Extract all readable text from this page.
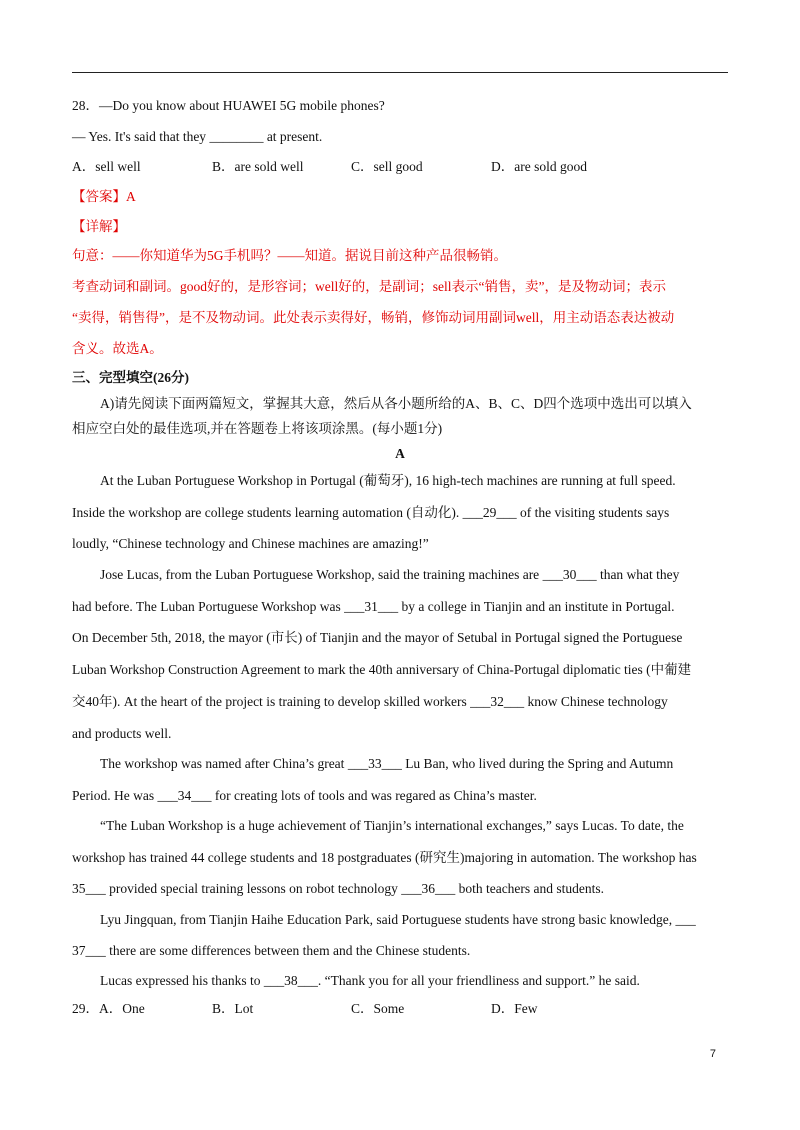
28．—Do you know about HUAWEI 5G mobile phones?
— Yes. It's said that they ________ at present.
A．sell well	B．are sold well	C．sell good	D．are sold good
【答案】A
【详解】
句意：——你知道华为5G手机吗？——知道。据说目前这种产品很畅销。
考查动词和副词。good好的，是形容词；well好的，是副词；sell表示“销售，卖”，是及物动词；表示
“卖得，销售得”，是不及物动词。此处表示卖得好，畅销，修饰动词用副词well，用主动语态表达被动
含义。故选A。
三、完型填空(26分)
A)请先阅读下面两篇短文，掌握其大意，然后从各小题所给的A、B、C、D四个选项中选出可以填入
相应空白处的最佳选项,并在答题卷上将该项涂黑。(每小题1分)
A
At the Luban Portuguese Workshop in Portugal (葡萄牙), 16 high-tech machines are running at full speed.
Inside the workshop are college students learning automation (自动化). ___29___ of the visiting students says
loudly, “Chinese technology and Chinese machines are amazing!”
Jose Lucas, from the Luban Portuguese Workshop, said the training machines are ___30___ than what they
had before. The Luban Portuguese Workshop was ___31___ by a college in Tianjin and an institute in Portugal.
On December 5th, 2018, the mayor (市长) of Tianjin and the mayor of Setubal in Portugal signed the Portuguese
Luban Workshop Construction Agreement to mark the 40th anniversary of China-Portugal diplomatic ties (中葡建
交40年). At the heart of the project is training to develop skilled workers ___32___ know Chinese technology
and products well.
The workshop was named after China’s great ___33___ Lu Ban, who lived during the Spring and Autumn
Period. He was ___34___ for creating lots of tools and was regared as China’s master.
“The Luban Workshop is a huge achievement of Tianjin’s international exchanges,” says Lucas. To date, the
workshop has trained 44 college students and 18 postgraduates (研究生)majoring in automation. The workshop has
35___ provided special training lessons on robot technology ___36___ both teachers and students.
Lyu Jingquan, from Tianjin Haihe Education Park, said Portuguese students have strong basic knowledge, ___
37___ there are some differences between them and the Chinese students.
Lucas expressed his thanks to ___38___. “Thank you for all your friendliness and support.” he said.
29．A．One	B．Lot	C．Some	D．Few
7
